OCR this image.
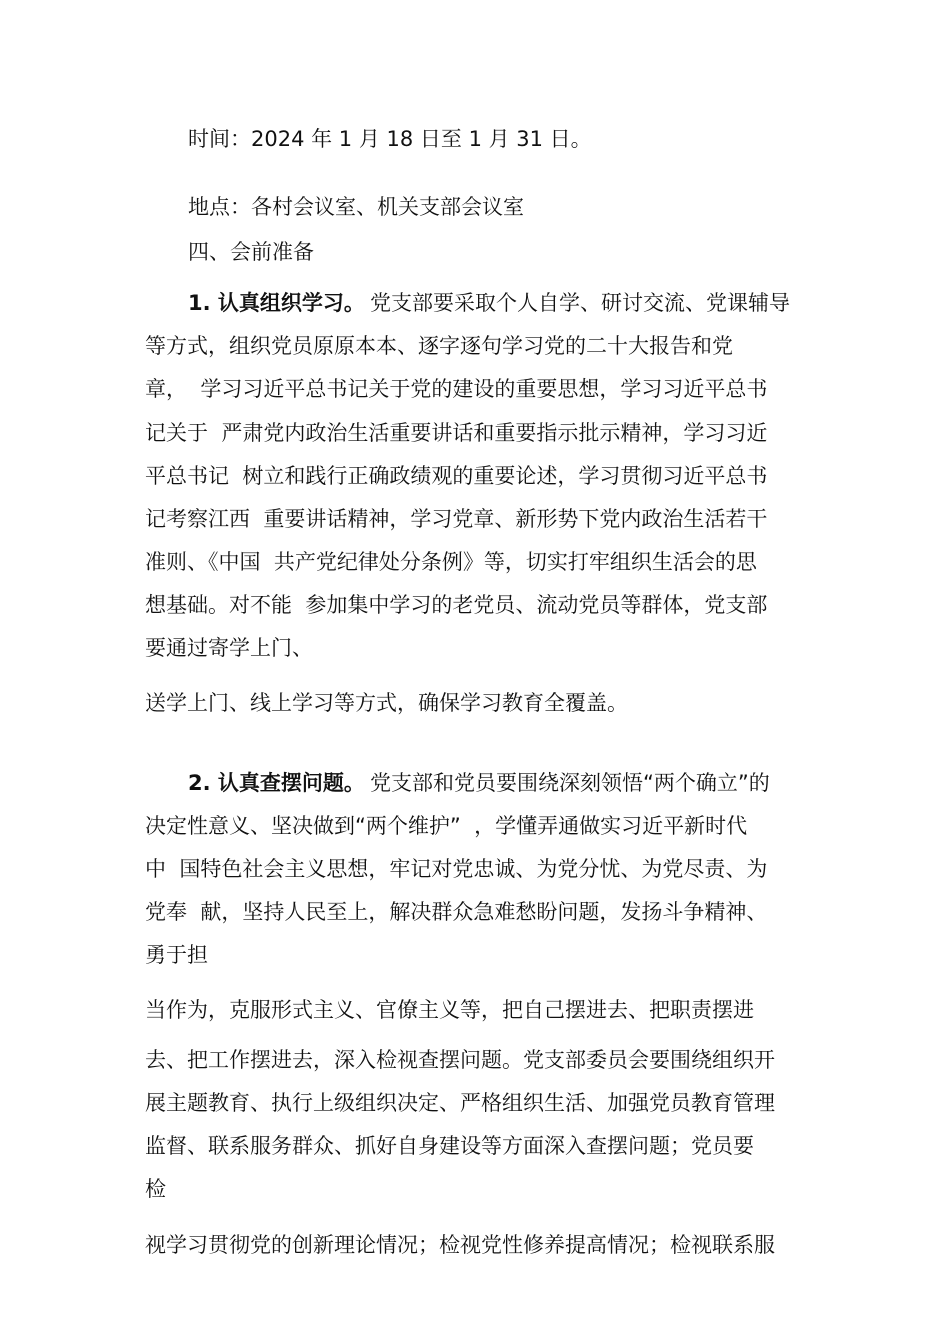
时间：2024 年 1 月 18 日至 1 月 31 日。
地点：各村会议室、机关支部会议室
四、会前准备
1. 认真组织学习。 党支部要采取个人自学、研讨交流、党课辅导
等方式，组织党员原原本本、逐字逐句学习党的二十大报告和党
章，  学习习近平总书记关于党的建设的重要思想，学习习近平总书
记关于  严肃党内政治生活重要讲话和重要指示批示精神，学习习近
平总书记  树立和践行正确政绩观的重要论述，学习贯彻习近平总书
记考察江西  重要讲话精神，学习党章、新形势下党内政治生活若干
准则、《中国  共产党纪律处分条例》等，切实打牢组织生活会的思
想基础。对不能  参加集中学习的老党员、流动党员等群体，党支部
要通过寄学上门、
送学上门、线上学习等方式，确保学习教育全覆盖。
2. 认真查摆问题。 党支部和党员要围绕深刻领悟“两个确立”的
决定性意义、坚决做到“两个维护”  ，学懂弄通做实习近平新时代
中  国特色社会主义思想，牢记对党忠诚、为党分忧、为党尽责、为
党奉  献，坚持人民至上，解决群众急难愁盼问题，发扬斗争精神、
勇于担
当作为，克服形式主义、官僚主义等，把自己摆进去、把职责摆进
去、把工作摆进去，深入检视查摆问题。党支部委员会要围绕组织开
展主题教育、执行上级组织决定、严格组织生活、加强党员教育管理
监督、联系服务群众、抓好自身建设等方面深入查摆问题；党员要
检
视学习贯彻党的创新理论情况；检视党性修养提高情况；检视联系服
